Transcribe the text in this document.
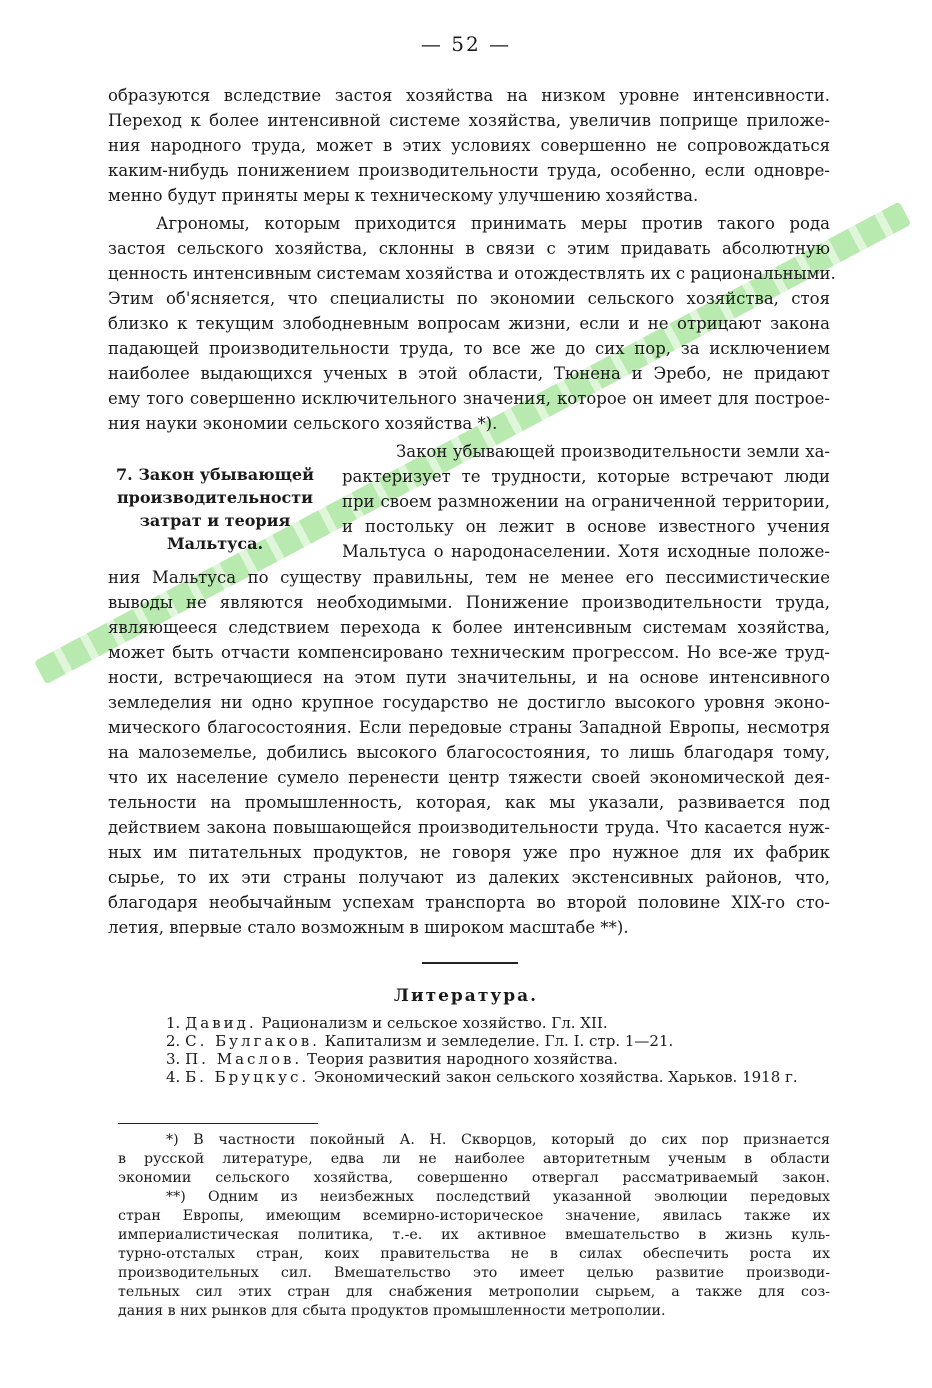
— 52 —
образуются вследствие застоя хозяйства на низком уровне интенсивности.
Переход к более интенсивной системе хозяйства, увеличив поприще приложе-
ния народного труда, может в этих условиях совершенно не сопровождаться
каким-нибудь понижением производительности труда, особенно, если одновре-
менно будут приняты меры к техническому улучшению хозяйства.
Агрономы, которым приходится принимать меры против такого рода
застоя сельского хозяйства, склонны в связи с этим придавать абсолютную
ценность интенсивным системам хозяйства и отождествлять их с рациональными.
Этим об'ясняется, что специалисты по экономии сельского хозяйства, стоя
близко к текущим злободневным вопросам жизни, если и не отрицают закона
падающей производительности труда, то все же до сих пор, за исключением
наиболее выдающихся ученых в этой области, Тюнена и Эребо, не придают
ему того совершенно исключительного значения, которое он имеет для построе-
ния науки экономии сельского хозяйства *).
7. Закон убывающей
производительности
затрат и теория
Мальтуса.
Закон убывающей производительности земли ха-
рактеризует те трудности, которые встречают люди
при своем размножении на ограниченной территории,
и постольку он лежит в основе известного учения
Мальтуса о народонаселении. Хотя исходные положе-
ния Мальтуса по существу правильны, тем не менее его пессимистические
выводы не являются необходимыми. Понижение производительности труда,
являющееся следствием перехода к более интенсивным системам хозяйства,
может быть отчасти компенсировано техническим прогрессом. Но все-же труд-
ности, встречающиеся на этом пути значительны, и на основе интенсивного
земледелия ни одно крупное государство не достигло высокого уровня эконо-
мического благосостояния. Если передовые страны Западной Европы, несмотря
на малоземелье, добились высокого благосостояния, то лишь благодаря тому,
что их население сумело перенести центр тяжести своей экономической дея-
тельности на промышленность, которая, как мы указали, развивается под
действием закона повышающейся производительности труда. Что касается нуж-
ных им питательных продуктов, не говоря уже про нужное для их фабрик
сырье, то их эти страны получают из далеких экстенсивных районов, что,
благодаря необычайным успехам транспорта во второй половине XIX-го сто-
летия, впервые стало возможным в широком масштабе **).
Литература.
1. Давид. Рационализм и сельское хозяйство. Гл. XII.
2. С. Булгаков. Капитализм и земледелие. Гл. I. стр. 1—21.
3. П. Маслов. Теория развития народного хозяйства.
4. Б. Бруцкус. Экономический закон сельского хозяйства. Харьков. 1918 г.
*) В частности покойный А. Н. Скворцов, который до сих пор признается
в русской литературе, едва ли не наиболее авторитетным ученым в области
экономии сельского хозяйства, совершенно отвергал рассматриваемый закон.
**) Одним из неизбежных последствий указанной эволюции передовых
стран Европы, имеющим всемирно-историческое значение, явилась также их
империалистическая политика, т.-е. их активное вмешательство в жизнь куль-
турно-отсталых стран, коих правительства не в силах обеспечить роста их
производительных сил. Вмешательство это имеет целью развитие производи-
тельных сил этих стран для снабжения метрополии сырьем, а также для соз-
дания в них рынков для сбыта продуктов промышленности метрополии.
